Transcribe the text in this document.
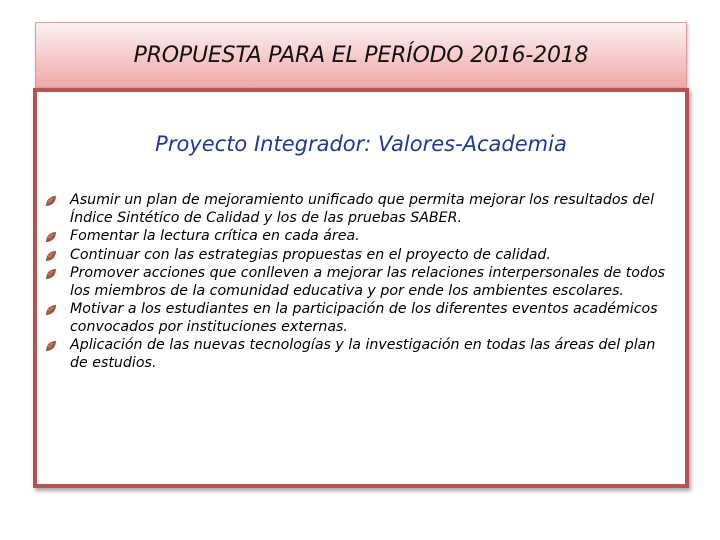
PROPUESTA PARA EL PERÍODO 2016-2018
Proyecto Integrador: Valores-Academia
Asumir un plan de mejoramiento unificado que permita mejorar los resultados del Índice Sintético de Calidad y los de las pruebas SABER.
Fomentar la lectura crítica en cada área.
Continuar con las estrategias propuestas en el proyecto de calidad.
Promover acciones que conlleven a mejorar las relaciones interpersonales de todos los miembros de la comunidad educativa y por ende los ambientes escolares.
Motivar a los estudiantes en la participación de los diferentes eventos académicos convocados por instituciones externas.
Aplicación de las nuevas tecnologías y la investigación en todas las áreas del plan de estudios.
